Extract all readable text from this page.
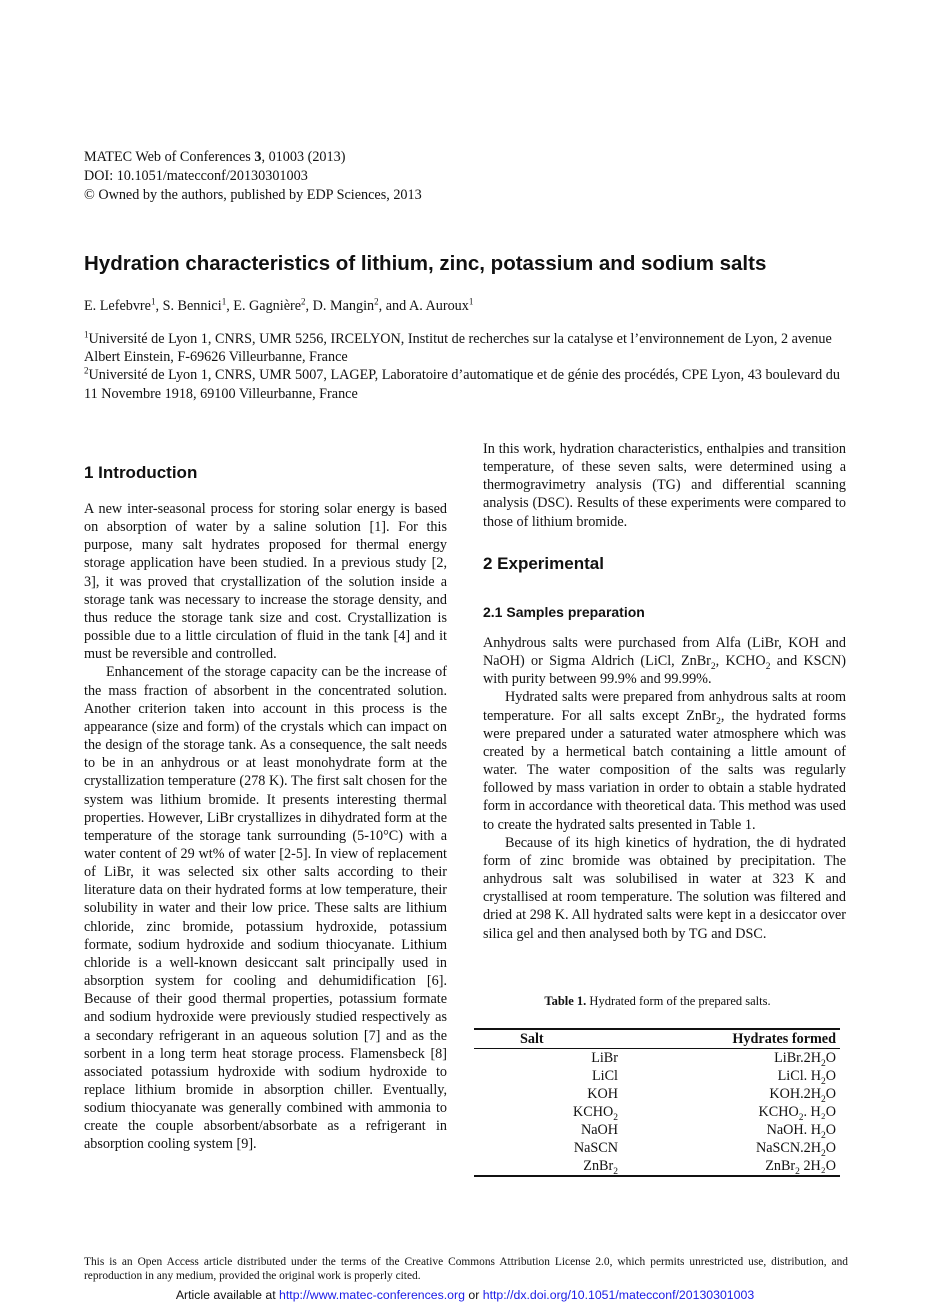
MATEC Web of Conferences 3, 01003 (2013)
DOI: 10.1051/matecconf/20130301003
© Owned by the authors, published by EDP Sciences, 2013
Hydration characteristics of lithium, zinc, potassium and sodium salts
E. Lefebvre$^1$, S. Bennici$^1$, E. Gagnière$^2$, D. Mangin$^2$, and A. Auroux$^1$

$^1$Université de Lyon 1, CNRS, UMR 5256, IRCELYON, Institut de recherches sur la catalyse et l’environnement de Lyon, 2 avenue Albert Einstein, F-69626 Villeurbanne, France

$^2$Université de Lyon 1, CNRS, UMR 5007, LAGEP, Laboratoire d’automatique et de génie des procédés, CPE Lyon, 43 boulevard du 11 Novembre 1918, 69100 Villeurbanne, France

1 Introduction

A new inter-seasonal process for storing solar energy is based on absorption of water by a saline solution [1]. For this purpose, many salt hydrates proposed for thermal energy storage application have been studied. In a previous study [2, 3], it was proved that crystallization of the solution inside a storage tank was necessary to increase the storage density, and thus reduce the storage tank size and cost. Crystallization is possible due to a little circulation of fluid in the tank [4] and it must be reversible and controlled.

Enhancement of the storage capacity can be the increase of the mass fraction of absorbent in the concentrated solution. Another criterion taken into account in this process is the appearance (size and form) of the crystals which can impact on the design of the storage tank. As a consequence, the salt needs to be in an anhydrous or at least monohydrate form at the crystallization temperature (278 K). The first salt chosen for the system was lithium bromide. It presents interesting thermal properties. However, LiBr crystallizes in dihydrated form at the temperature of the storage tank surrounding (5-10°C) with a water content of 29 wt% of water [2-5]. In view of replacement of LiBr, it was selected six other salts according to their literature data on their hydrated forms at low temperature, their solubility in water and their low price. These salts are lithium chloride, zinc bromide, potassium hydroxide, potassium formate, sodium hydroxide and sodium thiocyanate. Lithium chloride is a well-known desiccant salt principally used in absorption system for cooling and dehumidification [6]. Because of their good thermal properties, potassium formate and sodium hydroxide were previously studied respectively as a secondary refrigerant in an aqueous solution [7] and as the sorbent in a long term heat storage process. Flamensbeck [8] associated potassium hydroxide with sodium hydroxide to replace lithium bromide in absorption chiller. Eventually, sodium thiocyanate was generally combined with ammonia to create the couple absorbent/absorbate as a refrigerant in absorption cooling system [9].

In this work, hydration characteristics, enthalpies and transition temperature, of these seven salts, were determined using a thermogravimetry analysis (TG) and differential scanning analysis (DSC). Results of these experiments were compared to those of lithium bromide.

2 Experimental
2.1 Samples preparation

Anhydrous salts were purchased from Alfa (LiBr, KOH and NaOH) or Sigma Aldrich (LiCl, ZnBr$_2$, $KCHO_2$ and KSCN) with purity between 99.9% and 99.99%.

Hydrated salts were prepared from anhydrous salts at room temperature. For all salts except ZnBr$_2$, the hydrated forms were prepared under a saturated water atmosphere which was created by a hermetical batch containing a little amount of water. The water composition of the salts was regularly followed by mass variation in order to obtain a stable hydrated form in accordance with theoretical data. This method was used to create the hydrated salts presented in Table 1.

Because of its high kinetics of hydration, the di hydrated form of zinc bromide was obtained by precipitation. The anhydrous salt was solubilised in water at 323 K and crystallised at room temperature. The solution was filtered and dried at 298 K. All hydrated salts were kept in a desiccator over silica gel and then analysed both by TG and DSC.

Table 1. Hydrated form of the prepared salts.
Salt	Hydrates formed
LiBr	$LiBr.2H_2O$
LiCl	LiCl. $H_2O$
KOH	$KOH.2H_2O$
$KCHO_2$	$KCHO_2$. H₂O
NaOH	NaOH. $H_2O$
NaSCN	$NaSCN.2H_2O$
ZnBr$_2$	ZnBr$_2$ 2H₂O
This is an Open Access article distributed under the terms of the Creative Commons Attribution License 2.0, which permits unrestricted use, distribution, and reproduction in any medium, provided the original work is properly cited.
Article available at http://www.matec-conferences.org or http://dx.doi.org/10.1051/matecconf/20130301003
